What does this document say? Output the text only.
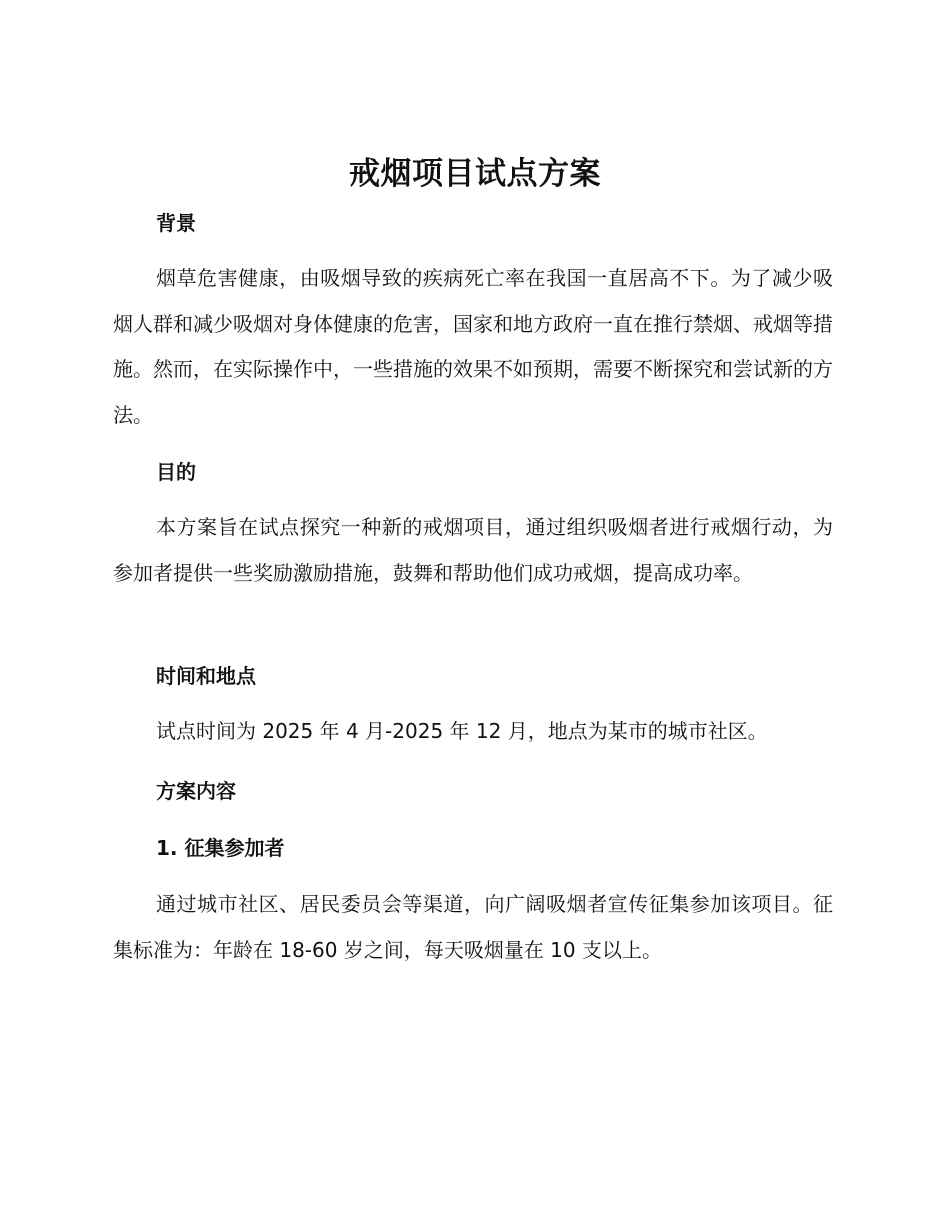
戒烟项目试点方案
背景

烟草危害健康，由吸烟导致的疾病死亡率在我国一直居高不下。为了减少吸烟人群和减少吸烟对身体健康的危害，国家和地方政府一直在推行禁烟、戒烟等措施。然而，在实际操作中，一些措施的效果不如预期，需要不断探究和尝试新的方法。

目的

本方案旨在试点探究一种新的戒烟项目，通过组织吸烟者进行戒烟行动，为参加者提供一些奖励激励措施，鼓舞和帮助他们成功戒烟，提高成功率。

时间和地点

试点时间为 2025 年 4 月-2025 年 12 月，地点为某市的城市社区。

方案内容
1. 征集参加者

通过城市社区、居民委员会等渠道，向广阔吸烟者宣传征集参加该项目。征集标准为：年龄在 18-60 岁之间，每天吸烟量在 10 支以上。
